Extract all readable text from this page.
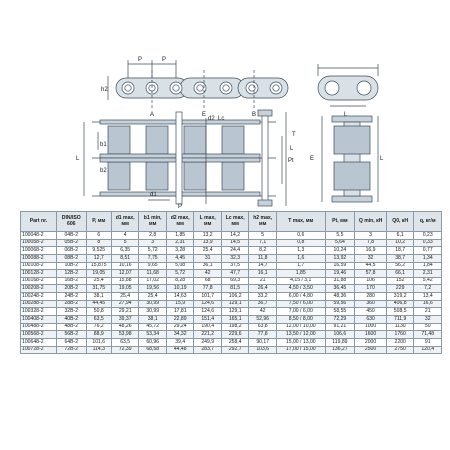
P	P
h2
A	E	B	L
b1
b2
d2 Lc
Pt
L
L
d1
P
T
E	L
Part nr.	DIN/ISO 606	P, мм	d1 max, мм	b1 min, мм	d2 max, мм	L max, мм	Lc max, мм	h2 max, мм	T max, мм	Pt, мм	Q min, кН	Q0, кН	q, кг/м
100048-2	04B-2	6	4	2,8	1,85	13,2	14,2	5	0,6	5,5	3	6,1	0,23
100058-2	05B-2	8	5	3	2,31	13,9	14,5	7,1	0,8	5,64	7,8	10,2	0,33
100068-2	06B-2	9,525	6,35	5,72	3,28	25,4	24,4	8,2	1,3	10,24	16,9	18,7	0,77
100088-2	08B-2	12,7	8,51	7,75	4,45	31	32,3	11,8	1,6	13,92	32	38,7	1,34
100108-2	10B-2	15,875	10,16	9,65	5,08	36,1	37,5	14,7	1,7	16,59	44,5	56,2	1,84
100128-2	12B-2	19,05	12,07	11,68	5,72	42	47,7	16,1	1,85	19,46	57,8	66,1	2,31
100168-2	16B-2	25,4	15,88	17,02	8,28	68	69,3	21	4,15 / 3,1	31,88	106	152	5,42
100208-2	20B-2	31,75	19,05	19,56	10,19	77,8	81,5	26,4	4,50 / 3,50	36,45	170	229	7,2
100248-2	24B-2	38,1	25,4	25,4	14,63	101,7	106,2	33,2	6,00 / 4,80	48,36	280	319,2	13,4
100288-2	28B-2	44,45	27,94	30,99	15,9	124,6	129,1	36,7	7,50 / 6,00	59,56	360	406,8	16,6
100328-2	32B-2	50,8	29,21	30,99	17,81	124,6	129,1	42	7,00 / 6,00	58,55	450	508,5	21
100408-2	40B-2	63,5	39,37	38,1	22,89	151,4	165,1	52,96	8,50 / 8,00	72,29	630	711,9	32
100488-2	48B-2	76,2	48,26	45,72	29,24	190,4	198,2	63,8	12,00 / 10,00	91,21	1000	1130	50
100568-2	56B-2	88,9	53,98	53,34	34,32	221,2	229,6	77,8	13,50 / 12,00	106,6	1600	1760	71,48
100648-2	64B-2	101,6	63,5	60,96	39,4	249,9	258,4	90,17	15,00 / 13,00	119,89	2000	2200	91
100728-2	72B-2	114,3	72,39	68,58	44,48	283,7	292,7	103,6	17,00 / 15,00	136,27	2500	2750	120,4
